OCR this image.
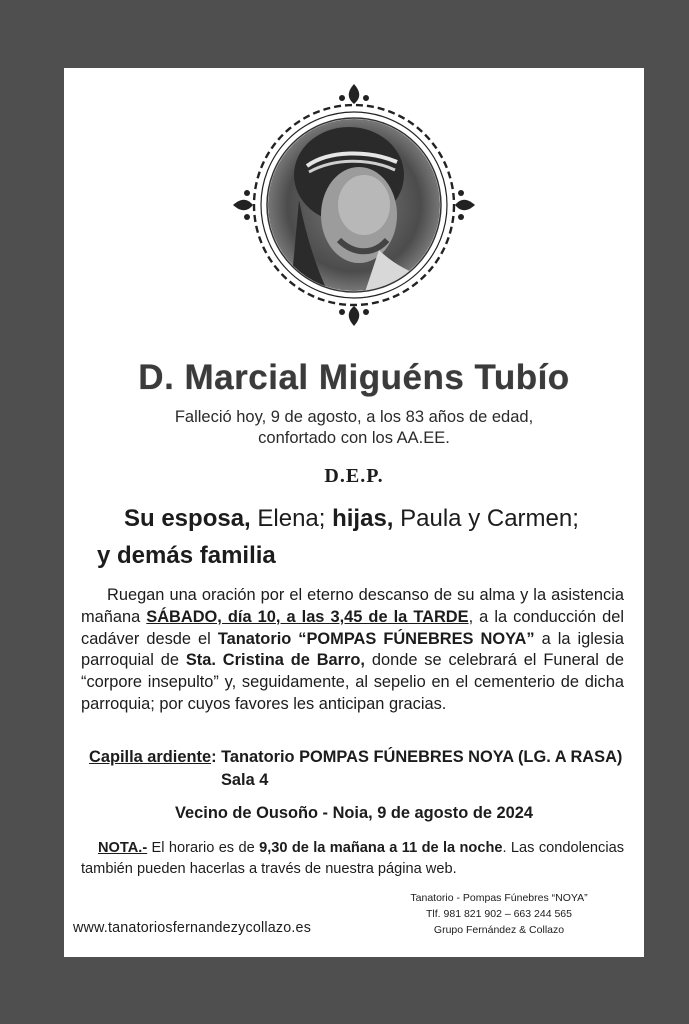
D. Marcial Miguéns Tubío
Falleció hoy, 9 de agosto, a los 83 años de edad,
confortado con los AA.EE.
D.E.P.
Su esposa, Elena; hijas, Paula y Carmen;
y demás familia
Ruegan una oración por el eterno descanso de su alma y la asistencia mañana SÁBADO, día 10, a las 3,45 de la TARDE, a la conducción del cadáver desde el Tanatorio “POMPAS FÚNEBRES NOYA” a la iglesia parroquial de Sta. Cristina de Barro, donde se celebrará el Funeral de “corpore insepulto” y, seguidamente, al sepelio en el cementerio de dicha parroquia; por cuyos favores les anticipan gracias.
Capilla ardiente: Tanatorio POMPAS FÚNEBRES NOYA (LG. A RASA)
Sala 4
Vecino de Ousoño - Noia, 9 de agosto de 2024
NOTA.- El horario es de 9,30 de la mañana a 11 de la noche. Las condolencias también pueden hacerlas a través de nuestra página web.
www.tanatoriosfernandezycollazo.es
Tanatorio - Pompas Fúnebres “NOYA”
Tlf. 981 821 902 – 663 244 565
Grupo Fernández & Collazo
